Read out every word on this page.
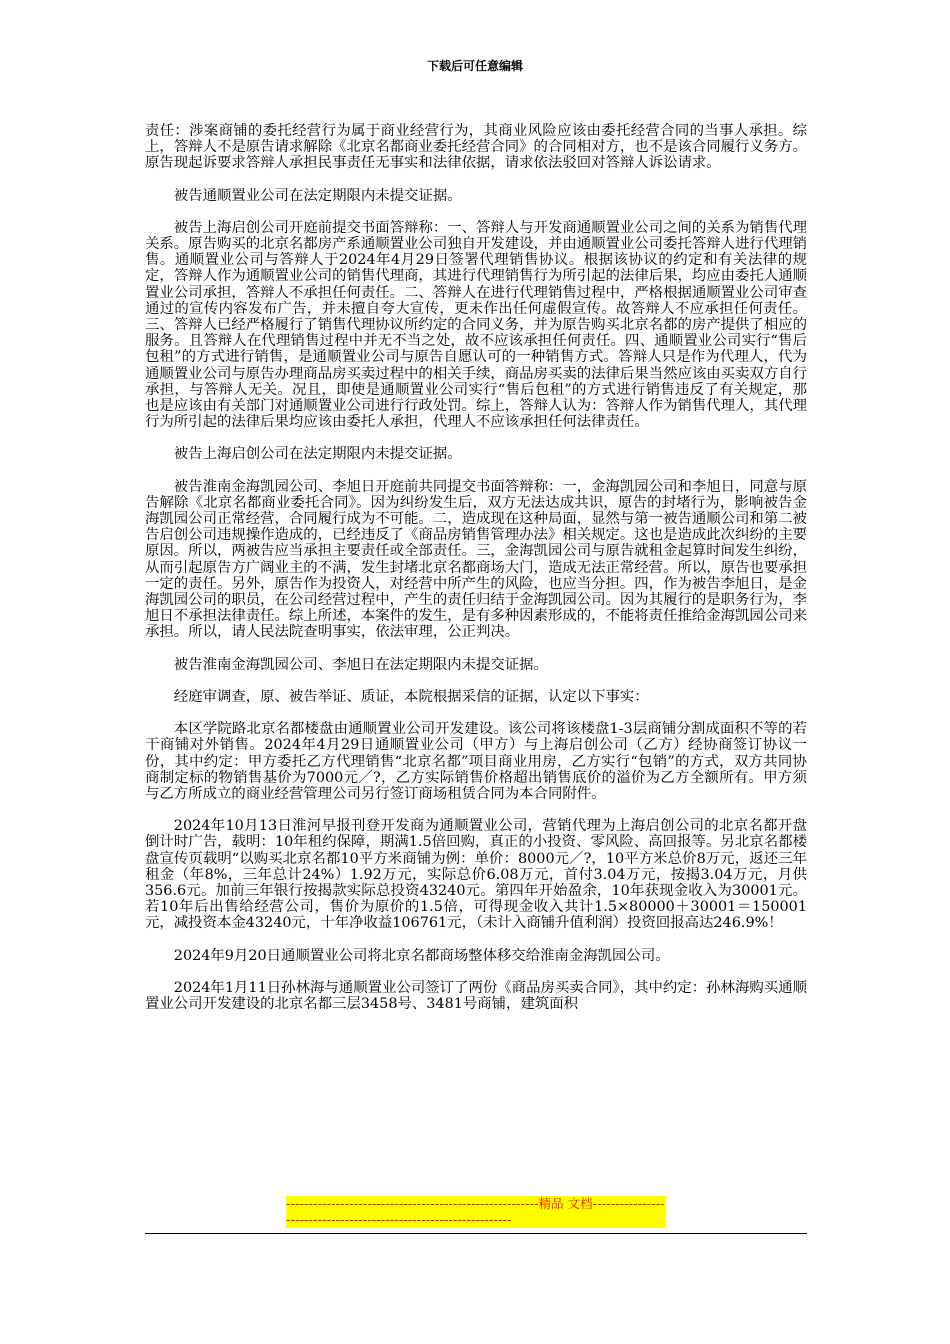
下载后可任意编辑

责任：涉案商铺的委托经营行为属于商业经营行为，其商业风险应该由委托经营合同的当事人承担。综上，答辩人不是原告请求解除《北京名都商业委托经营合同》的合同相对方，也不是该合同履行义务方。原告现起诉要求答辩人承担民事责任无事实和法律依据，请求依法驳回对答辩人诉讼请求。

被告通顺置业公司在法定期限内未提交证据。

被告上海启创公司开庭前提交书面答辩称：一、答辩人与开发商通顺置业公司之间的关系为销售代理关系。原告购买的北京名都房产系通顺置业公司独自开发建设，并由通顺置业公司委托答辩人进行代理销售。通顺置业公司与答辩人于2024年4月29日签署代理销售协议。根据该协议的约定和有关法律的规定，答辩人作为通顺置业公司的销售代理商，其进行代理销售行为所引起的法律后果，均应由委托人通顺置业公司承担，答辩人不承担任何责任。二、答辩人在进行代理销售过程中，严格根据通顺置业公司审查通过的宣传内容发布广告，并未擅自夸大宣传，更未作出任何虚假宣传。故答辩人不应承担任何责任。三、答辩人已经严格履行了销售代理协议所约定的合同义务，并为原告购买北京名都的房产提供了相应的服务。且答辩人在代理销售过程中并无不当之处，故不应该承担任何责任。四、通顺置业公司实行“售后包租”的方式进行销售，是通顺置业公司与原告自愿认可的一种销售方式。答辩人只是作为代理人，代为通顺置业公司与原告办理商品房买卖过程中的相关手续，商品房买卖的法律后果当然应该由买卖双方自行承担，与答辩人无关。况且，即使是通顺置业公司实行“售后包租”的方式进行销售违反了有关规定，那也是应该由有关部门对通顺置业公司进行行政处罚。综上，答辩人认为：答辩人作为销售代理人，其代理行为所引起的法律后果均应该由委托人承担，代理人不应该承担任何法律责任。

被告上海启创公司在法定期限内未提交证据。

被告淮南金海凯园公司、李旭日开庭前共同提交书面答辩称：一，金海凯园公司和李旭日，同意与原告解除《北京名都商业委托合同》。因为纠纷发生后，双方无法达成共识，原告的封堵行为，影响被告金海凯园公司正常经营，合同履行成为不可能。二，造成现在这种局面，显然与第一被告通顺公司和第二被告启创公司违规操作造成的，已经违反了《商品房销售管理办法》相关规定。这也是造成此次纠纷的主要原因。所以，两被告应当承担主要责任或全部责任。三，金海凯园公司与原告就租金起算时间发生纠纷，从而引起原告方广阔业主的不满，发生封堵北京名都商场大门，造成无法正常经营。所以，原告也要承担一定的责任。另外，原告作为投资人，对经营中所产生的风险，也应当分担。四，作为被告李旭日，是金海凯园公司的职员，在公司经营过程中，产生的责任归结于金海凯园公司。因为其履行的是职务行为，李旭日不承担法律责任。综上所述，本案件的发生，是有多种因素形成的，不能将责任推给金海凯园公司来承担。所以，请人民法院查明事实，依法审理，公正判决。

被告淮南金海凯园公司、李旭日在法定期限内未提交证据。

经庭审调查，原、被告举证、质证，本院根据采信的证据，认定以下事实：

本区学院路北京名都楼盘由通顺置业公司开发建设。该公司将该楼盘1-3层商铺分割成面积不等的若干商铺对外销售。2024年4月29日通顺置业公司（甲方）与上海启创公司（乙方）经协商签订协议一份，其中约定：甲方委托乙方代理销售“北京名都”项目商业用房，乙方实行“包销”的方式，双方共同协商制定标的物销售基价为7000元／?，乙方实际销售价格超出销售底价的溢价为乙方全额所有。甲方须与乙方所成立的商业经营管理公司另行签订商场租赁合同为本合同附件。

2024年10月13日淮河早报刊登开发商为通顺置业公司，营销代理为上海启创公司的北京名都开盘倒计时广告，载明：10年租约保障，期满1.5倍回购，真正的小投资、零风险、高回报等。另北京名都楼盘宣传页载明“以购买北京名都10平方米商铺为例：单价：8000元／?，10平方米总价8万元，返还三年租金（年8%，三年总计24%）1.92万元，实际总价6.08万元，首付3.04万元，按揭3.04万元，月供356.6元。加前三年银行按揭款实际总投资43240元。第四年开始盈余，10年获现金收入为30001元。若10年后出售给经营公司，售价为原价的1.5倍，可得现金收入共计1.5×80000＋30001＝150001元，减投资本金43240元，十年净收益106761元，（未计入商铺升值利润）投资回报高达246.9%！

2024年9月20日通顺置业公司将北京名都商场整体移交给淮南金海凯园公司。

2024年1月11日孙林海与通顺置业公司签订了两份《商品房买卖合同》，其中约定：孙林海购买通顺置业公司开发建设的北京名都三层3458号、3481号商铺，建筑面积

--------------------------------------------------------精品 文档------------------------------------------------------------------
